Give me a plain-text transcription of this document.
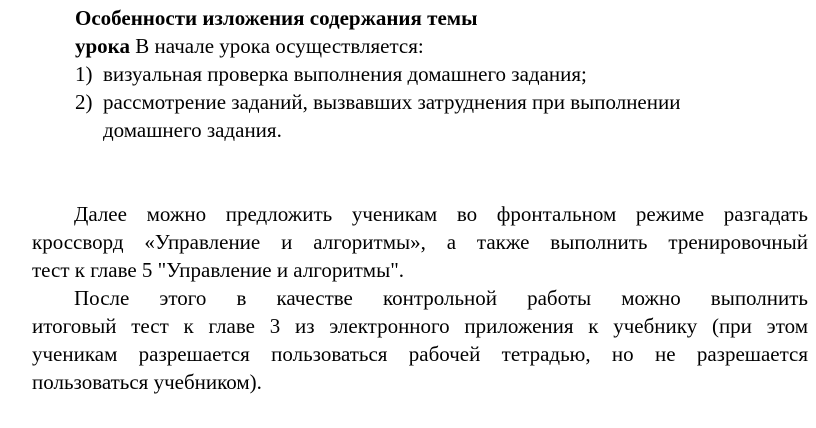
Особенности изложения содержания темы
урока В начале урока осуществляется:
1) визуальная проверка выполнения домашнего задания;
2) рассмотрение заданий, вызвавших затруднения при выполнении
домашнего задания.
Далее можно предложить ученикам во фронтальном режиме разгадать
кроссворд «Управление и алгоритмы», а также выполнить тренировочный
тест к главе 5 "Управление и алгоритмы".
После этого в качестве контрольной работы можно выполнить
итоговый тест к главе 3 из электронного приложения к учебнику (при этом
ученикам разрешается пользоваться рабочей тетрадью, но не разрешается
пользоваться учебником).
